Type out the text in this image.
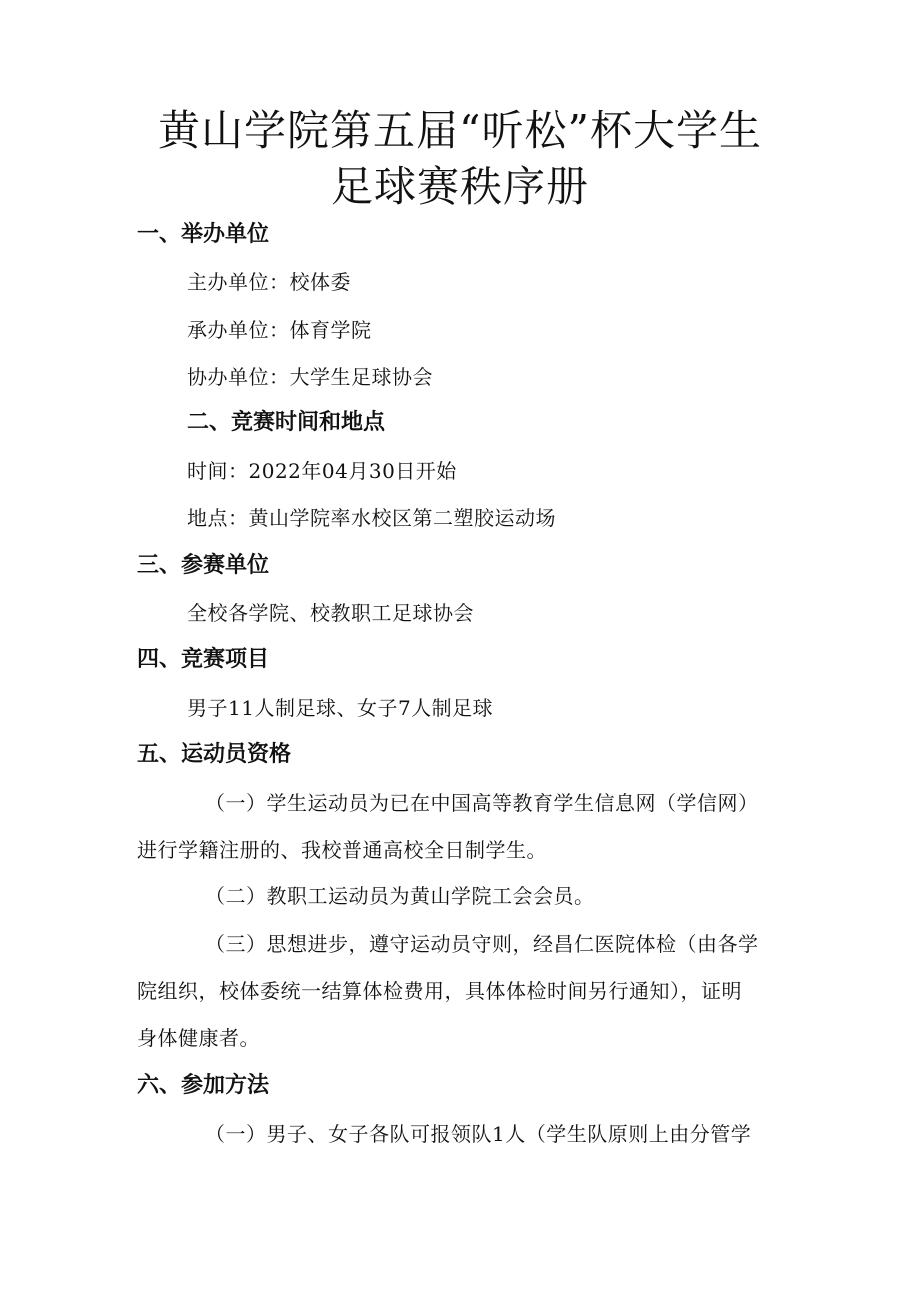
黄山学院第五届“听松”杯大学生
足球赛秩序册
一、举办单位

主办单位：校体委

承办单位：体育学院

协办单位：大学生足球协会

二、竞赛时间和地点

时间：2022年04月30日开始

地点：黄山学院率水校区第二塑胶运动场

三、参赛单位

全校各学院、校教职工足球协会

四、竞赛项目

男子11人制足球、女子7人制足球

五、运动员资格

（一）学生运动员为已在中国高等教育学生信息网（学信网）

进行学籍注册的、我校普通高校全日制学生。

（二）教职工运动员为黄山学院工会会员。

（三）思想进步，遵守运动员守则，经昌仁医院体检（由各学

院组织，校体委统一结算体检费用，具体体检时间另行通知），证明

身体健康者。

六、参加方法

（一）男子、女子各队可报领队1人（学生队原则上由分管学
